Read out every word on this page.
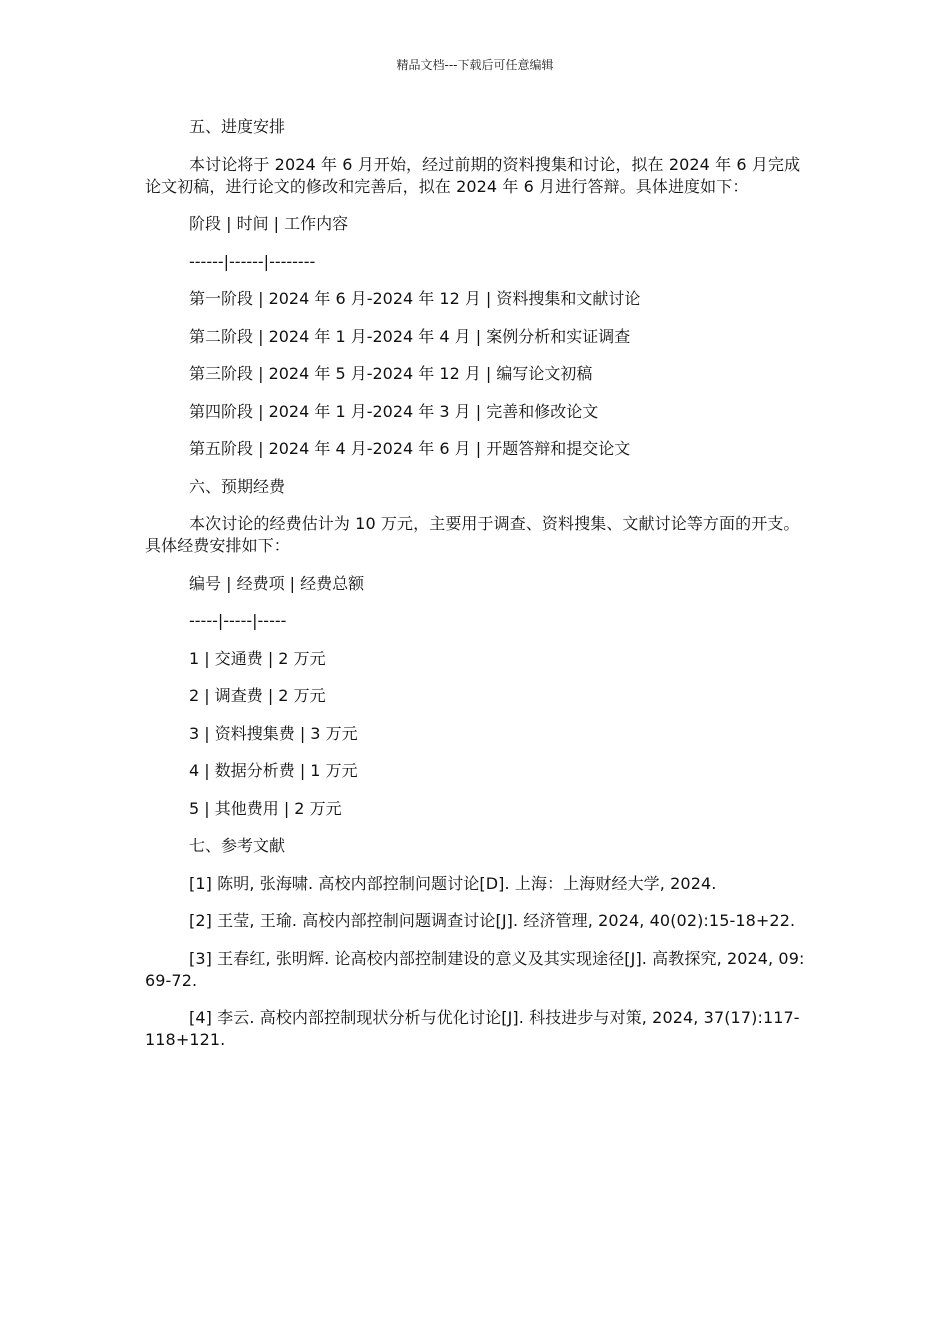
精品文档---下载后可任意编辑
五、进度安排
本讨论将于 2024 年 6 月开始，经过前期的资料搜集和讨论，拟在 2024 年 6 月完成论文初稿，进行论文的修改和完善后，拟在 2024 年 6 月进行答辩。具体进度如下：
阶段 | 时间 | 工作内容
------|------|--------
第一阶段 | 2024 年 6 月-2024 年 12 月 | 资料搜集和文献讨论
第二阶段 | 2024 年 1 月-2024 年 4 月 | 案例分析和实证调查
第三阶段 | 2024 年 5 月-2024 年 12 月 | 编写论文初稿
第四阶段 | 2024 年 1 月-2024 年 3 月 | 完善和修改论文
第五阶段 | 2024 年 4 月-2024 年 6 月 | 开题答辩和提交论文
六、预期经费
本次讨论的经费估计为 10 万元，主要用于调查、资料搜集、文献讨论等方面的开支。具体经费安排如下：
编号 | 经费项 | 经费总额
-----|-----|-----
1 | 交通费 | 2 万元
2 | 调查费 | 2 万元
3 | 资料搜集费 | 3 万元
4 | 数据分析费 | 1 万元
5 | 其他费用 | 2 万元
七、参考文献
[1] 陈明, 张海啸. 高校内部控制问题讨论[D]. 上海：上海财经大学, 2024.
[2] 王莹, 王瑜. 高校内部控制问题调查讨论[J]. 经济管理, 2024, 40(02):15-18+22.
[3] 王春红, 张明辉. 论高校内部控制建设的意义及其实现途径[J]. 高教探究, 2024, 09:69-72.
[4] 李云. 高校内部控制现状分析与优化讨论[J]. 科技进步与对策, 2024, 37(17):117-118+121.
